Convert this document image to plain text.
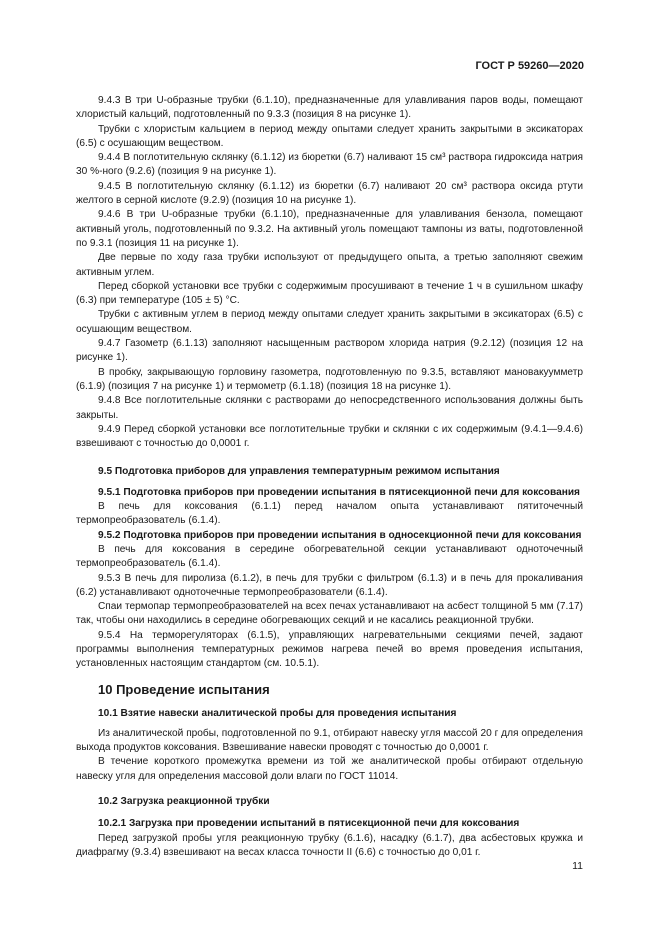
ГОСТ Р 59260—2020

9.4.3 В три U-образные трубки (6.1.10), предназначенные для улавливания паров воды, помещают хлористый кальций, подготовленный по 9.3.3 (позиция 8 на рисунке 1).

Трубки с хлористым кальцием в период между опытами следует хранить закрытыми в эксикаторах (6.5) с осушающим веществом.

9.4.4 В поглотительную склянку (6.1.12) из бюретки (6.7) наливают 15 см³ раствора гидроксида натрия 30 %-ного (9.2.6) (позиция 9 на рисунке 1).

9.4.5 В поглотительную склянку (6.1.12) из бюретки (6.7) наливают 20 см³ раствора оксида ртути желтого в серной кислоте (9.2.9) (позиция 10 на рисунке 1).

9.4.6 В три U-образные трубки (6.1.10), предназначенные для улавливания бензола, помещают активный уголь, подготовленный по 9.3.2. На активный уголь помещают тампоны из ваты, подготовленной по 9.3.1 (позиция 11 на рисунке 1).

Две первые по ходу газа трубки используют от предыдущего опыта, а третью заполняют свежим активным углем.

Перед сборкой установки все трубки с содержимым просушивают в течение 1 ч в сушильном шкафу (6.3) при температуре (105 ± 5) °С.

Трубки с активным углем в период между опытами следует хранить закрытыми в эксикаторах (6.5) с осушающим веществом.

9.4.7 Газометр (6.1.13) заполняют насыщенным раствором хлорида натрия (9.2.12) (позиция 12 на рисунке 1).

В пробку, закрывающую горловину газометра, подготовленную по 9.3.5, вставляют мановакуумметр (6.1.9) (позиция 7 на рисунке 1) и термометр (6.1.18) (позиция 18 на рисунке 1).

9.4.8 Все поглотительные склянки с растворами до непосредственного использования должны быть закрыты.

9.4.9 Перед сборкой установки все поглотительные трубки и склянки с их содержимым (9.4.1—9.4.6) взвешивают с точностью до 0,0001 г.

9.5 Подготовка приборов для управления температурным режимом испытания

9.5.1 Подготовка приборов при проведении испытания в пятисекционной печи для коксования

В печь для коксования (6.1.1) перед началом опыта устанавливают пятиточечный термопреобразователь (6.1.4).

9.5.2 Подготовка приборов при проведении испытания в односекционной печи для коксования

В печь для коксования в середине обогревательной секции устанавливают одноточечный термопреобразователь (6.1.4).

9.5.3 В печь для пиролиза (6.1.2), в печь для трубки с фильтром (6.1.3) и в печь для прокаливания (6.2) устанавливают одноточечные термопреобразователи (6.1.4).

Спаи термопар термопреобразователей на всех печах устанавливают на асбест толщиной 5 мм (7.17) так, чтобы они находились в середине обогревающих секций и не касались реакционной трубки.

9.5.4 На терморегуляторах (6.1.5), управляющих нагревательными секциями печей, задают программы выполнения температурных режимов нагрева печей во время проведения испытания, установленных настоящим стандартом (см. 10.5.1).

10 Проведение испытания

10.1 Взятие навески аналитической пробы для проведения испытания

Из аналитической пробы, подготовленной по 9.1, отбирают навеску угля массой 20 г для определения выхода продуктов коксования. Взвешивание навески проводят с точностью до 0,0001 г.

В течение короткого промежутка времени из той же аналитической пробы отбирают отдельную навеску угля для определения массовой доли влаги по ГОСТ 11014.

10.2 Загрузка реакционной трубки

10.2.1 Загрузка при проведении испытаний в пятисекционной печи для коксования

Перед загрузкой пробы угля реакционную трубку (6.1.6), насадку (6.1.7), два асбестовых кружка и диафрагму (9.3.4) взвешивают на весах класса точности II (6.6) с точностью до 0,01 г.

11
